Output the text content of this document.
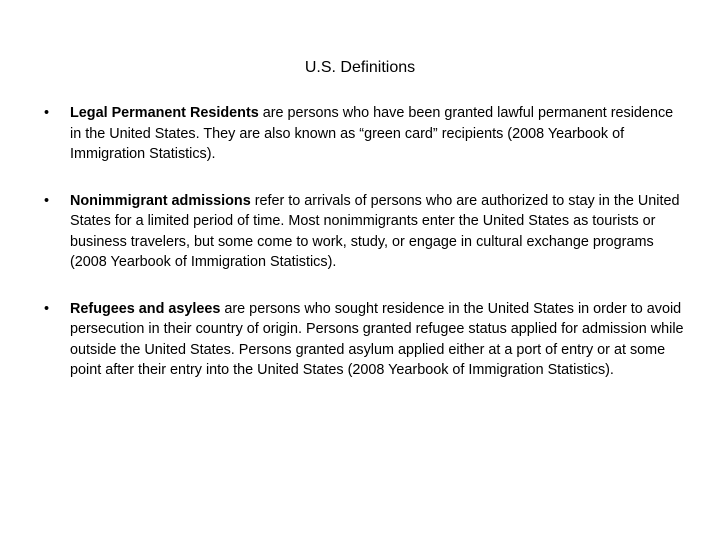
U.S. Definitions
•	Legal Permanent Residents are persons who have been granted lawful permanent residence in the United States. They are also known as “green card” recipients (2008 Yearbook of Immigration Statistics).
•	Nonimmigrant admissions refer to arrivals of persons who are authorized to stay in the United States for a limited period of time. Most nonimmigrants enter the United States as tourists or business travelers, but some come to work, study, or engage in cultural exchange programs (2008 Yearbook of Immigration Statistics).
•	Refugees and asylees are persons who sought residence in the United States in order to avoid persecution in their country of origin. Persons granted refugee status applied for admission while outside the United States. Persons granted asylum applied either at a port of entry or at some point after their entry into the United States (2008 Yearbook of Immigration Statistics).
